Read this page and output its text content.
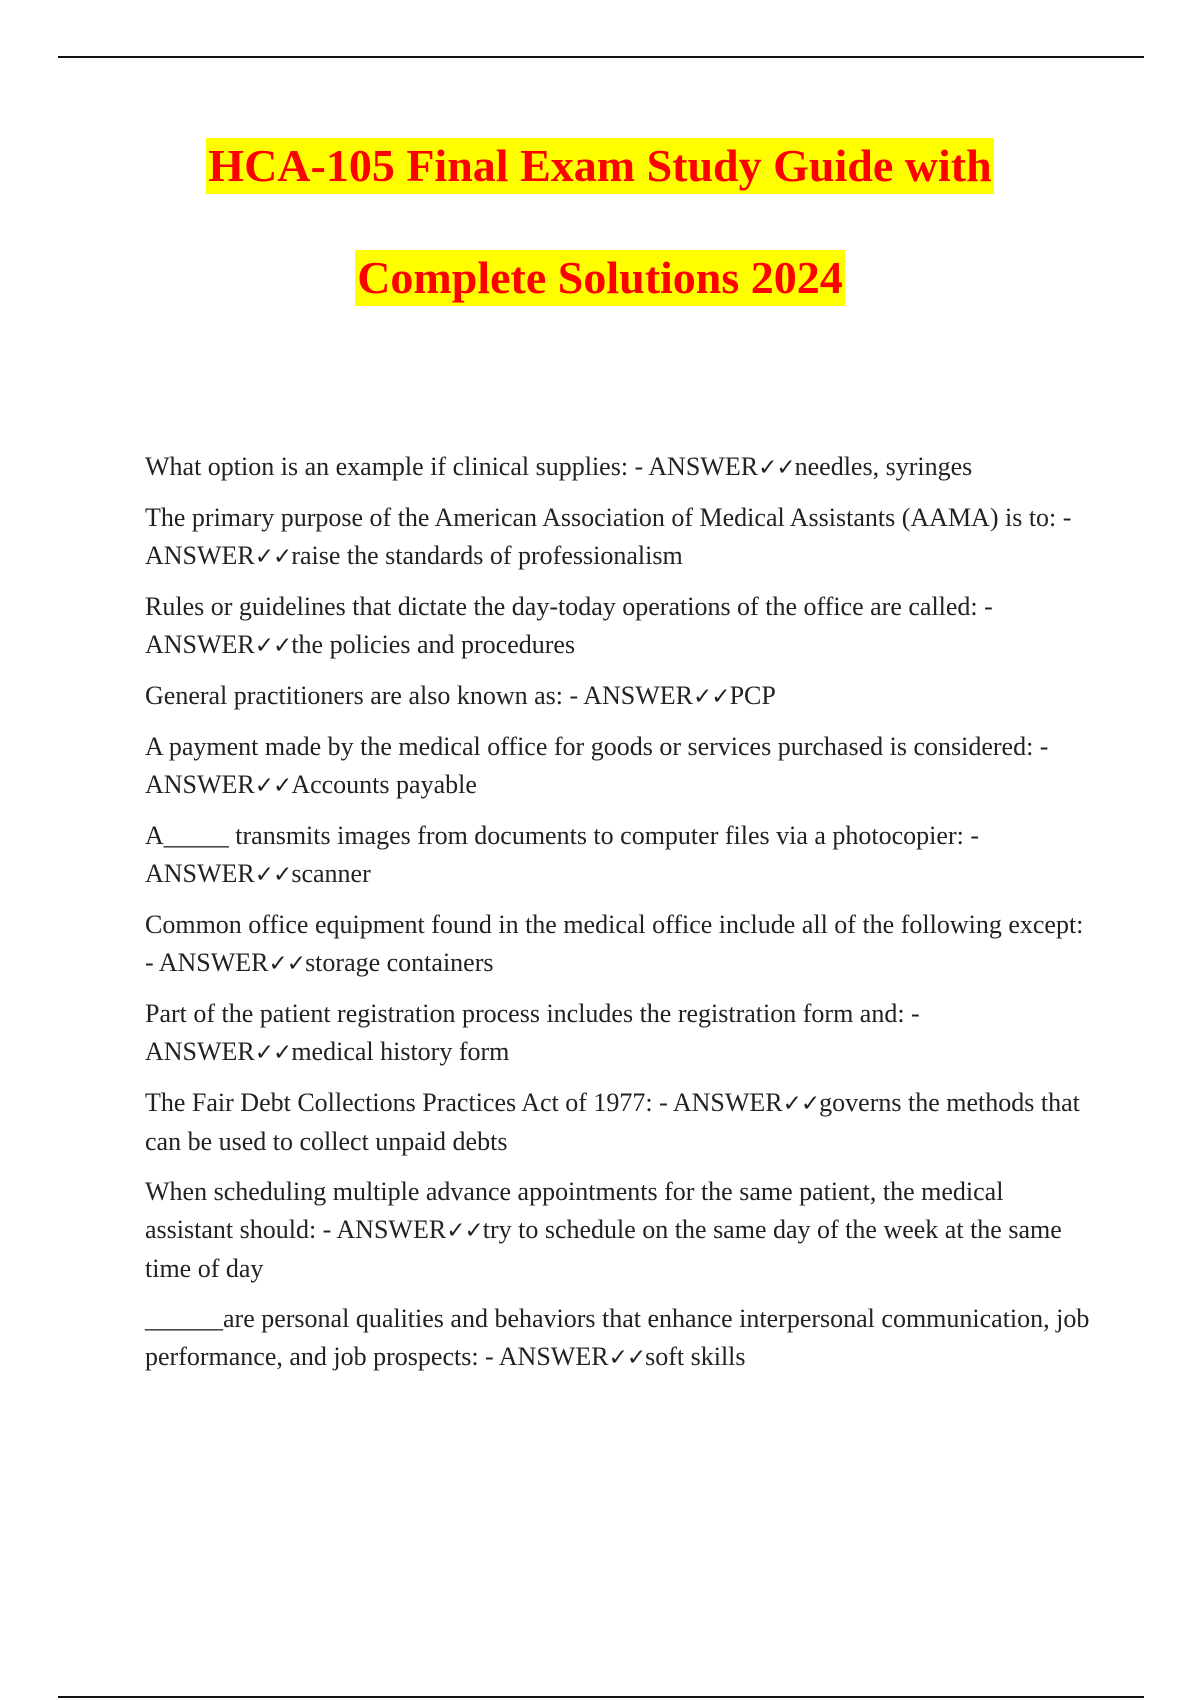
HCA-105 Final Exam Study Guide with
Complete Solutions 2024
What option is an example if clinical supplies: - ANSWER✓✓needles, syringes
The primary purpose of the American Association of Medical Assistants (AAMA) is to: - ANSWER✓✓raise the standards of professionalism
Rules or guidelines that dictate the day-today operations of the office are called: - ANSWER✓✓the policies and procedures
General practitioners are also known as: - ANSWER✓✓PCP
A payment made by the medical office for goods or services purchased is considered: - ANSWER✓✓Accounts payable
A_____ transmits images from documents to computer files via a photocopier: - ANSWER✓✓scanner
Common office equipment found in the medical office include all of the following except: - ANSWER✓✓storage containers
Part of the patient registration process includes the registration form and: - ANSWER✓✓medical history form
The Fair Debt Collections Practices Act of 1977: - ANSWER✓✓governs the methods that can be used to collect unpaid debts
When scheduling multiple advance appointments for the same patient, the medical assistant should: - ANSWER✓✓try to schedule on the same day of the week at the same time of day
______are personal qualities and behaviors that enhance interpersonal communication, job performance, and job prospects: - ANSWER✓✓soft skills
